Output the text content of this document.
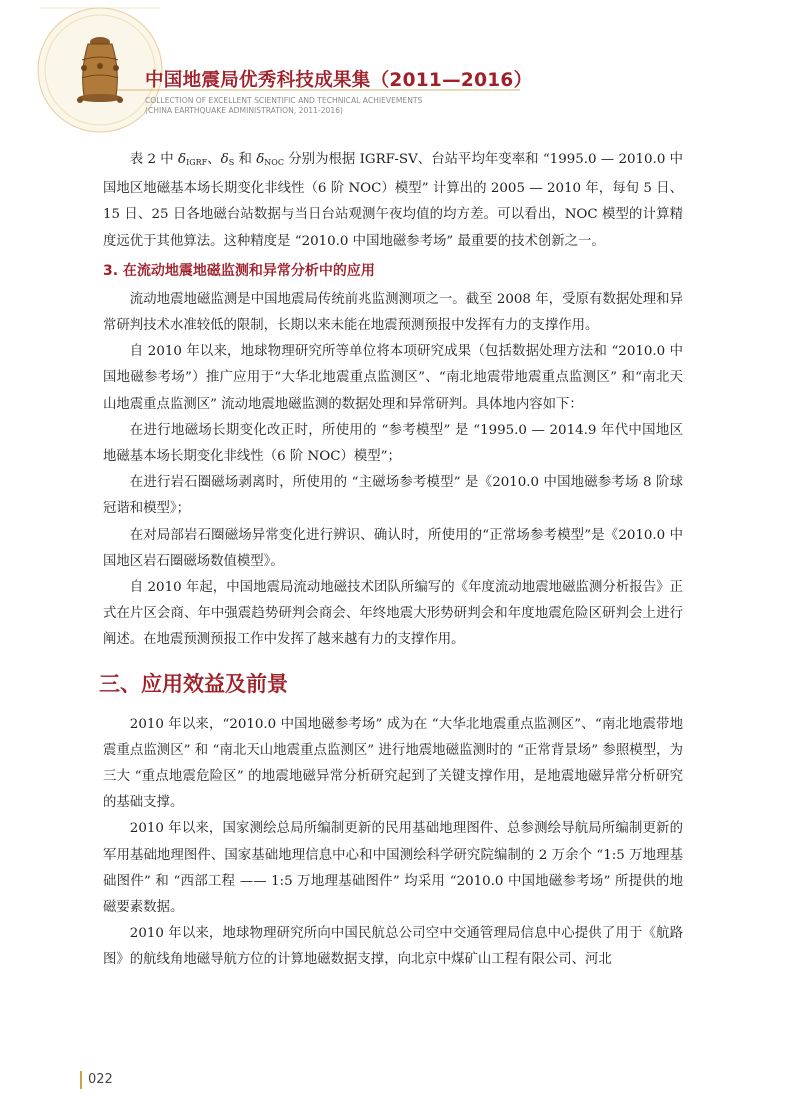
中国地震局优秀科技成果集（2011—2016）
COLLECTION OF EXCELLENT SCIENTIFIC AND TECHNICAL ACHIEVEMENTS
(CHINA EARTHQUAKE ADMINISTRATION, 2011-2016)

表 2 中 $\delta_{IGRF}$、$\delta_S$ 和 $\delta_{NOC}$ 分别为根据 IGRF-SV、台站平均年变率和 “1995.0 — 2010.0 中国地区地磁基本场长期变化非线性（6 阶 NOC）模型” 计算出的 2005 — 2010 年，每旬 5 日、15 日、25 日各地磁台站数据与当日台站观测午夜均值的均方差。可以看出，NOC 模型的计算精度远优于其他算法。这种精度是 “2010.0 中国地磁参考场” 最重要的技术创新之一。

3. 在流动地震地磁监测和异常分析中的应用

流动地震地磁监测是中国地震局传统前兆监测测项之一。截至 2008 年，受原有数据处理和异常研判技术水准较低的限制，长期以来未能在地震预测预报中发挥有力的支撑作用。

自 2010 年以来，地球物理研究所等单位将本项研究成果（包括数据处理方法和 “2010.0 中国地磁参考场”）推广应用于“大华北地震重点监测区”、“南北地震带地震重点监测区” 和“南北天山地震重点监测区” 流动地震地磁监测的数据处理和异常研判。具体地内容如下：

在进行地磁场长期变化改正时，所使用的 “参考模型” 是 “1995.0 — 2014.9 年代中国地区地磁基本场长期变化非线性（6 阶 NOC）模型”；

在进行岩石圈磁场剥离时，所使用的 “主磁场参考模型” 是《2010.0 中国地磁参考场 8 阶球冠谐和模型》；

在对局部岩石圈磁场异常变化进行辨识、确认时，所使用的“正常场参考模型”是《2010.0 中国地区岩石圈磁场数值模型》。

自 2010 年起，中国地震局流动地磁技术团队所编写的《年度流动地震地磁监测分析报告》正式在片区会商、年中强震趋势研判会商会、年终地震大形势研判会和年度地震危险区研判会上进行阐述。在地震预测预报工作中发挥了越来越有力的支撑作用。

三、应用效益及前景

2010 年以来，“2010.0 中国地磁参考场” 成为在 “大华北地震重点监测区”、“南北地震带地震重点监测区” 和 “南北天山地震重点监测区” 进行地震地磁监测时的 “正常背景场” 参照模型，为三大 “重点地震危险区” 的地震地磁异常分析研究起到了关键支撑作用，是地震地磁异常分析研究的基础支撑。

2010 年以来，国家测绘总局所编制更新的民用基础地理图件、总参测绘导航局所编制更新的军用基础地理图件、国家基础地理信息中心和中国测绘科学研究院编制的 2 万余个 “1:5 万地理基础图件” 和 “西部工程 —— 1:5 万地理基础图件” 均采用 “2010.0 中国地磁参考场” 所提供的地磁要素数据。

2010 年以来，地球物理研究所向中国民航总公司空中交通管理局信息中心提供了用于《航路图》的航线角地磁导航方位的计算地磁数据支撑，向北京中煤矿山工程有限公司、河北

022
